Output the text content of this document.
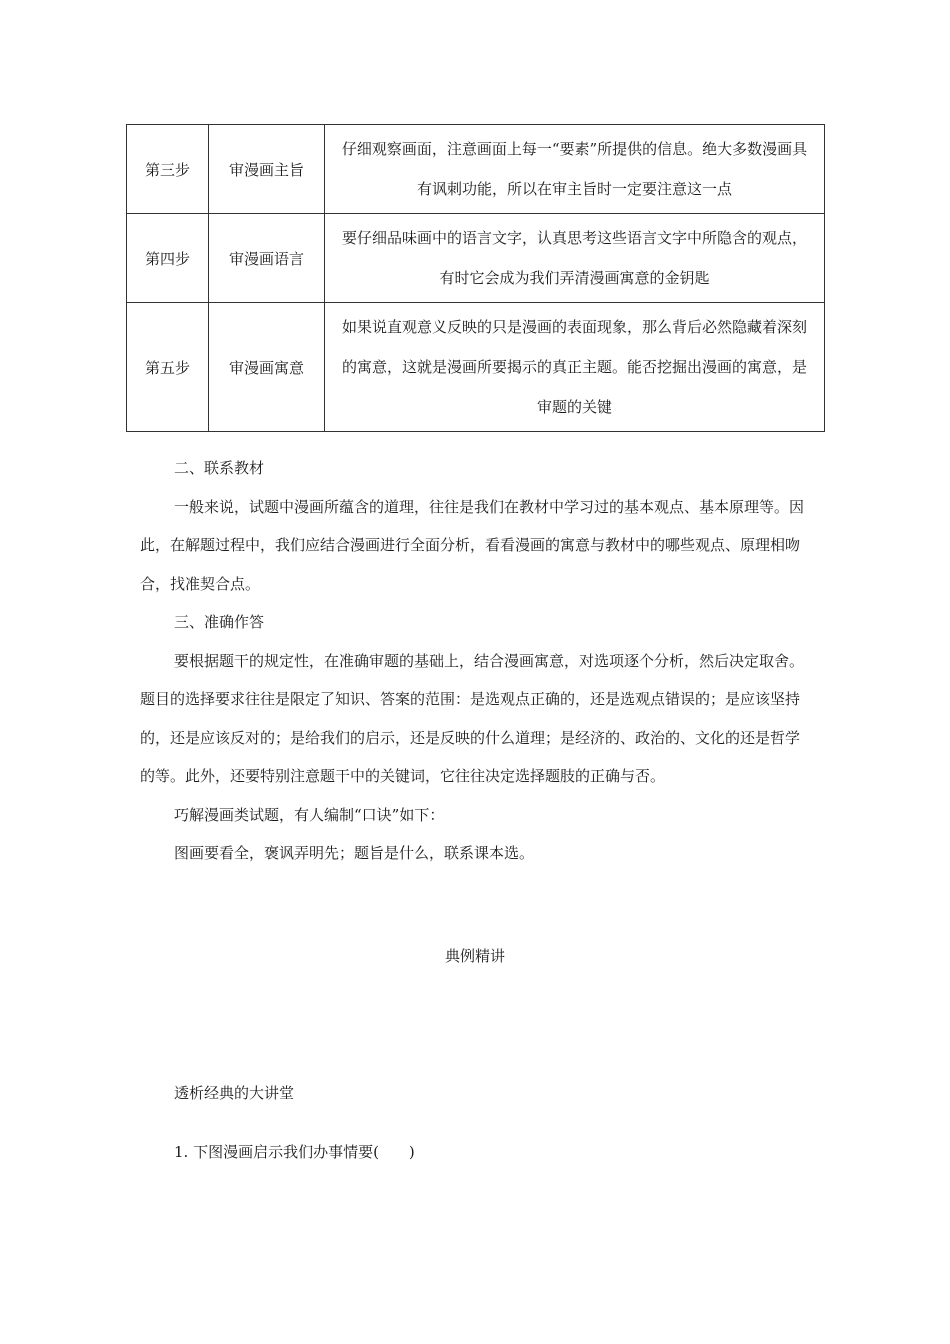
第三步	审漫画主旨	仔细观察画面，注意画面上每一“要素”所提供的信息。绝大多数漫画具有讽刺功能，所以在审主旨时一定要注意这一点
第四步	审漫画语言	要仔细品味画中的语言文字，认真思考这些语言文字中所隐含的观点，有时它会成为我们弄清漫画寓意的金钥匙
第五步	审漫画寓意	如果说直观意义反映的只是漫画的表面现象，那么背后必然隐藏着深刻的寓意，这就是漫画所要揭示的真正主题。能否挖掘出漫画的寓意，是审题的关键

二、联系教材

一般来说，试题中漫画所蕴含的道理，往往是我们在教材中学习过的基本观点、基本原理等。因此，在解题过程中，我们应结合漫画进行全面分析，看看漫画的寓意与教材中的哪些观点、原理相吻合，找准契合点。

三、准确作答

要根据题干的规定性，在准确审题的基础上，结合漫画寓意，对选项逐个分析，然后决定取舍。题目的选择要求往往是限定了知识、答案的范围：是选观点正确的，还是选观点错误的；是应该坚持的，还是应该反对的；是给我们的启示，还是反映的什么道理；是经济的、政治的、文化的还是哲学的等。此外，还要特别注意题干中的关键词，它往往决定选择题肢的正确与否。

巧解漫画类试题，有人编制“口诀”如下：

图画要看全，褒讽弄明先；题旨是什么，联系课本选。

典例精讲
透析经典的大讲堂
1. 下图漫画启示我们办事情要(　　)
